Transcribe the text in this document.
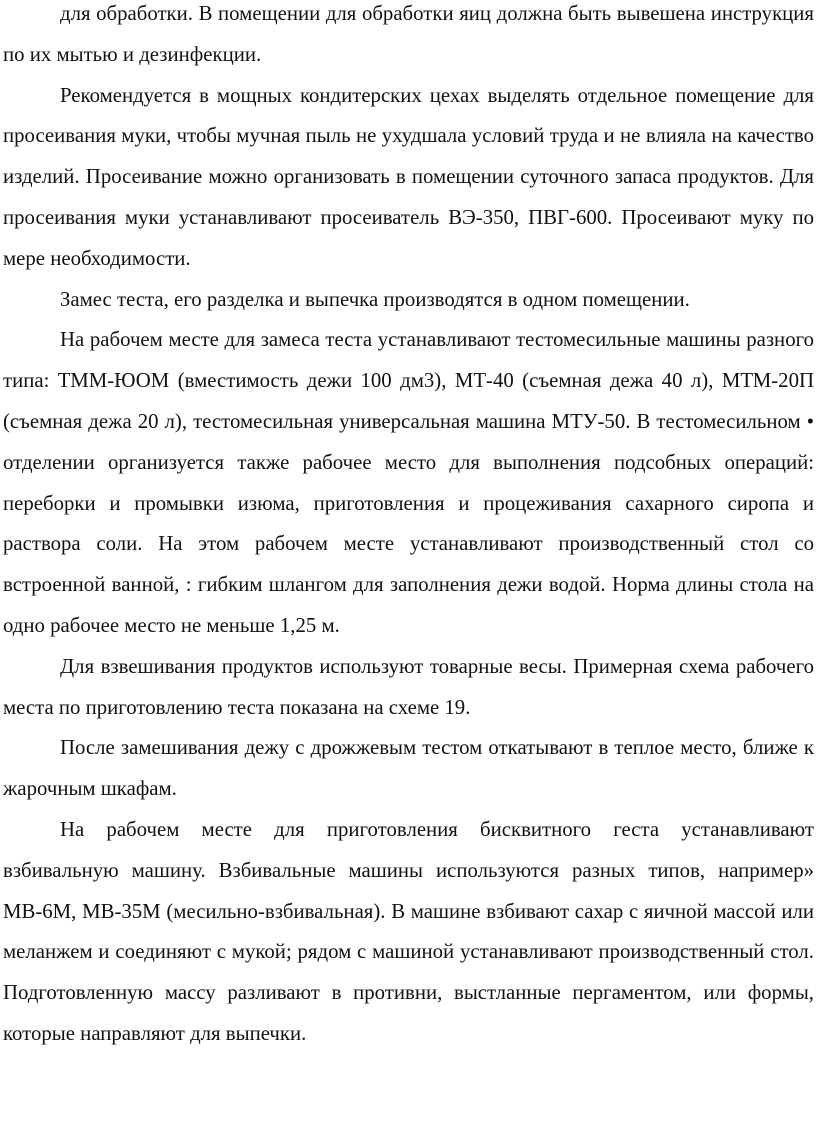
для обработки. В помещении для обработки яиц должна быть вывешена инструкция по их мытью и дезинфекции.

Рекомендуется в мощных кондитерских цехах выделять отдельное помещение для просеивания муки, чтобы мучная пыль не ухудшала условий труда и не влияла на качество изделий. Просеивание можно организовать в помещении суточного запаса продуктов. Для просеивания муки устанавливают просеиватель ВЭ-350, ПВГ-600. Просеивают муку по мере необходимости.

Замес теста, его разделка и выпечка производятся в одном помещении.

На рабочем месте для замеса теста устанавливают тестомесильные машины разного типа: ТММ-ЮОМ (вместимость дежи 100 дм3), МТ-40 (съемная дежа 40 л), МТМ-20П (съемная дежа 20 л), тестомесильная универсальная машина МТУ-50. В тестомесильном • отделении организуется также рабочее место для выполнения подсобных операций: переборки и промывки изюма, приготовления и процеживания сахарного сиропа и раствора соли. На этом рабочем месте устанавливают производственный стол со встроенной ванной, : гибким шлангом для заполнения дежи водой. Норма длины стола на одно рабочее место не меньше 1,25 м.

Для взвешивания продуктов используют товарные весы. Примерная схема рабочего места по приготовлению теста показана на схеме 19.

После замешивания дежу с дрожжевым тестом откатывают в теплое место, ближе к жарочным шкафам.

На рабочем месте для приготовления бисквитного геста устанавливают взбивальную машину. Взбивальные машины используются разных типов, например» МВ-6М, МВ-35М (месильно-взбивальная). В машине взбивают сахар с яичной массой или меланжем и соединяют с мукой; рядом с машиной устанавливают производственный стол. Подготовленную массу разливают в противни, выстланные пергаментом, или формы, которые направляют для выпечки.
